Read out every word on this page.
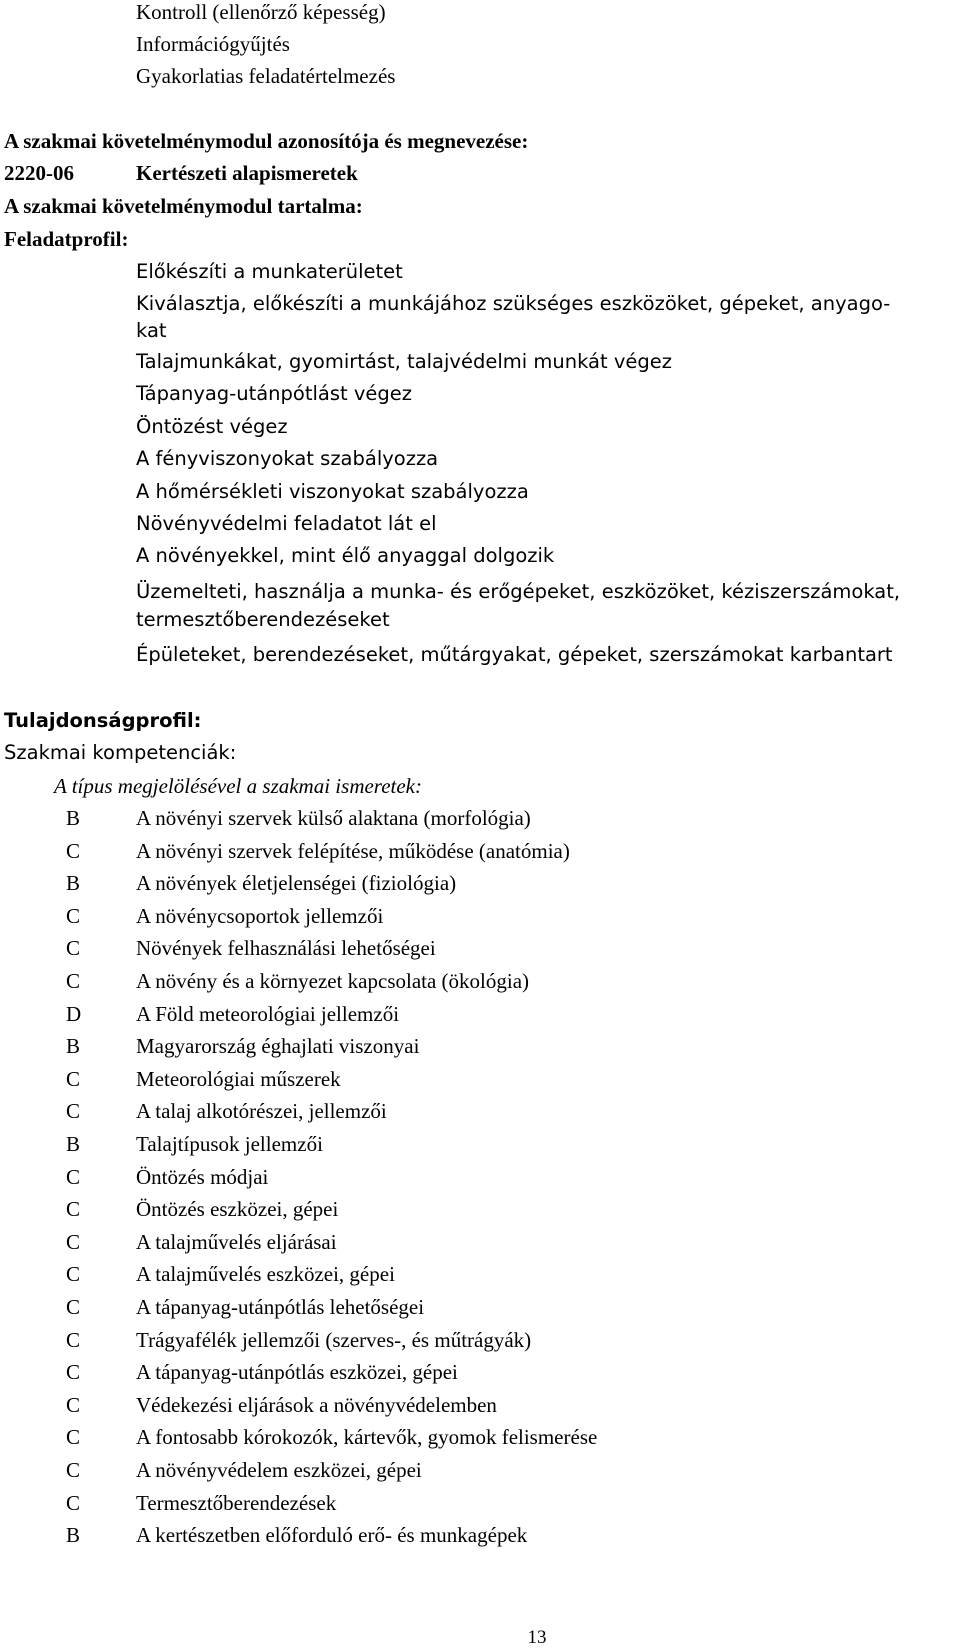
Kontroll (ellenőrző képesség)
Információgyűjtés
Gyakorlatias feladatértelmezés
A szakmai követelménymodul azonosítója és megnevezése:
2220-06	Kertészeti alapismeretek
A szakmai követelménymodul tartalma:
Feladatprofil:
Előkészíti a munkaterületet
Kiválasztja, előkészíti a munkájához szükséges eszközöket, gépeket, anyago-
kat
Talajmunkákat, gyomirtást, talajvédelmi munkát végez
Tápanyag-utánpótlást végez
Öntözést végez
A fényviszonyokat szabályozza
A hőmérsékleti viszonyokat szabályozza
Növényvédelmi feladatot lát el
A növényekkel, mint élő anyaggal dolgozik
Üzemelteti, használja a munka- és erőgépeket, eszközöket, kéziszerszámokat,
termesztőberendezéseket
Épületeket, berendezéseket, műtárgyakat, gépeket, szerszámokat karbantart
Tulajdonságprofil:
Szakmai kompetenciák:
A típus megjelölésével a szakmai ismeretek:
B	A növényi szervek külső alaktana (morfológia)
C	A növényi szervek felépítése, működése (anatómia)
B	A növények életjelenségei (fiziológia)
C	A növénycsoportok jellemzői
C	Növények felhasználási lehetőségei
C	A növény és a környezet kapcsolata (ökológia)
D	A Föld meteorológiai jellemzői
B	Magyarország éghajlati viszonyai
C	Meteorológiai műszerek
C	A talaj alkotórészei, jellemzői
B	Talajtípusok jellemzői
C	Öntözés módjai
C	Öntözés eszközei, gépei
C	A talajművelés eljárásai
C	A talajművelés eszközei, gépei
C	A tápanyag-utánpótlás lehetőségei
C	Trágyafélék jellemzői (szerves-, és műtrágyák)
C	A tápanyag-utánpótlás eszközei, gépei
C	Védekezési eljárások a növényvédelemben
C	A fontosabb kórokozók, kártevők, gyomok felismerése
C	A növényvédelem eszközei, gépei
C	Termesztőberendezések
B	A kertészetben előforduló erő- és munkagépek
13
